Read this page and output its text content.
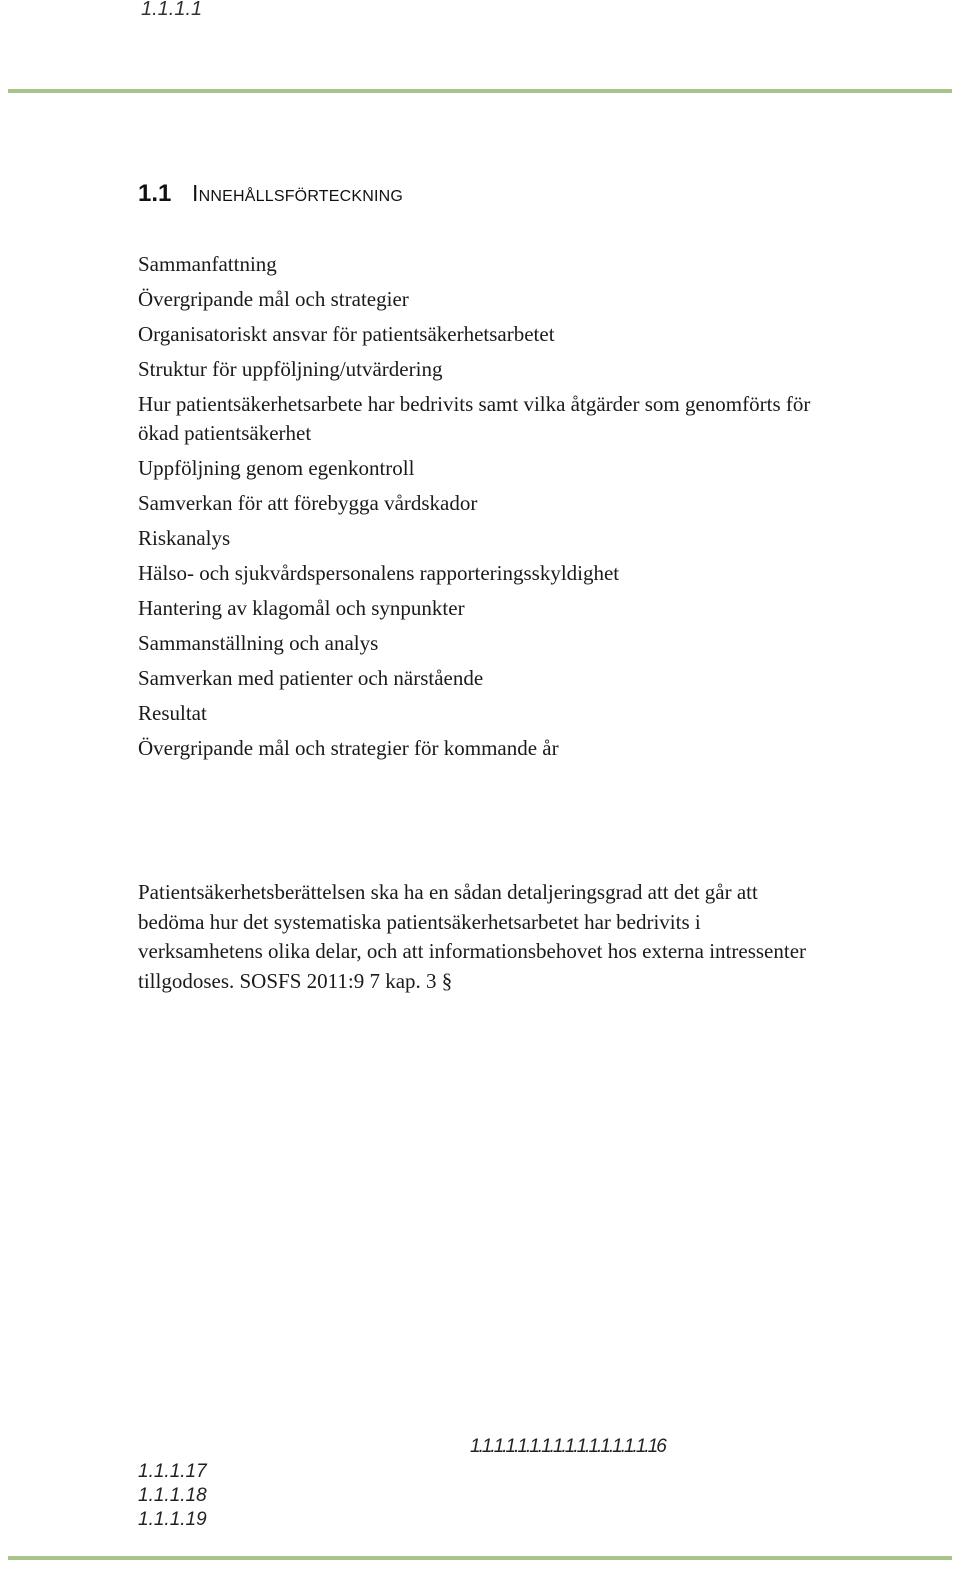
1.1.1.1
1.1 Innehållsförteckning
Sammanfattning
Övergripande mål och strategier
Organisatoriskt ansvar för patientsäkerhetsarbetet
Struktur för uppföljning/utvärdering
Hur patientsäkerhetsarbete har bedrivits samt vilka åtgärder som genomförts för ökad patientsäkerhet
Uppföljning genom egenkontroll
Samverkan för att förebygga vårdskador
Riskanalys
Hälso- och sjukvårdspersonalens rapporteringsskyldighet
Hantering av klagomål och synpunkter
Sammanställning och analys
Samverkan med patienter och närstående
Resultat
Övergripande mål och strategier för kommande år

Patientsäkerhetsberättelsen ska ha en sådan detaljeringsgrad att det går att bedöma hur det systematiska patientsäkerhetsarbetet har bedrivits i verksamhetens olika delar, och att informationsbehovet hos externa intressenter tillgodoses. SOSFS 2011:9 7 kap. 3 §

1.1.1.1.1.1.1.1.1.1.1.1.1.1.1.16
1.1.1.17
1.1.1.18
1.1.1.19
